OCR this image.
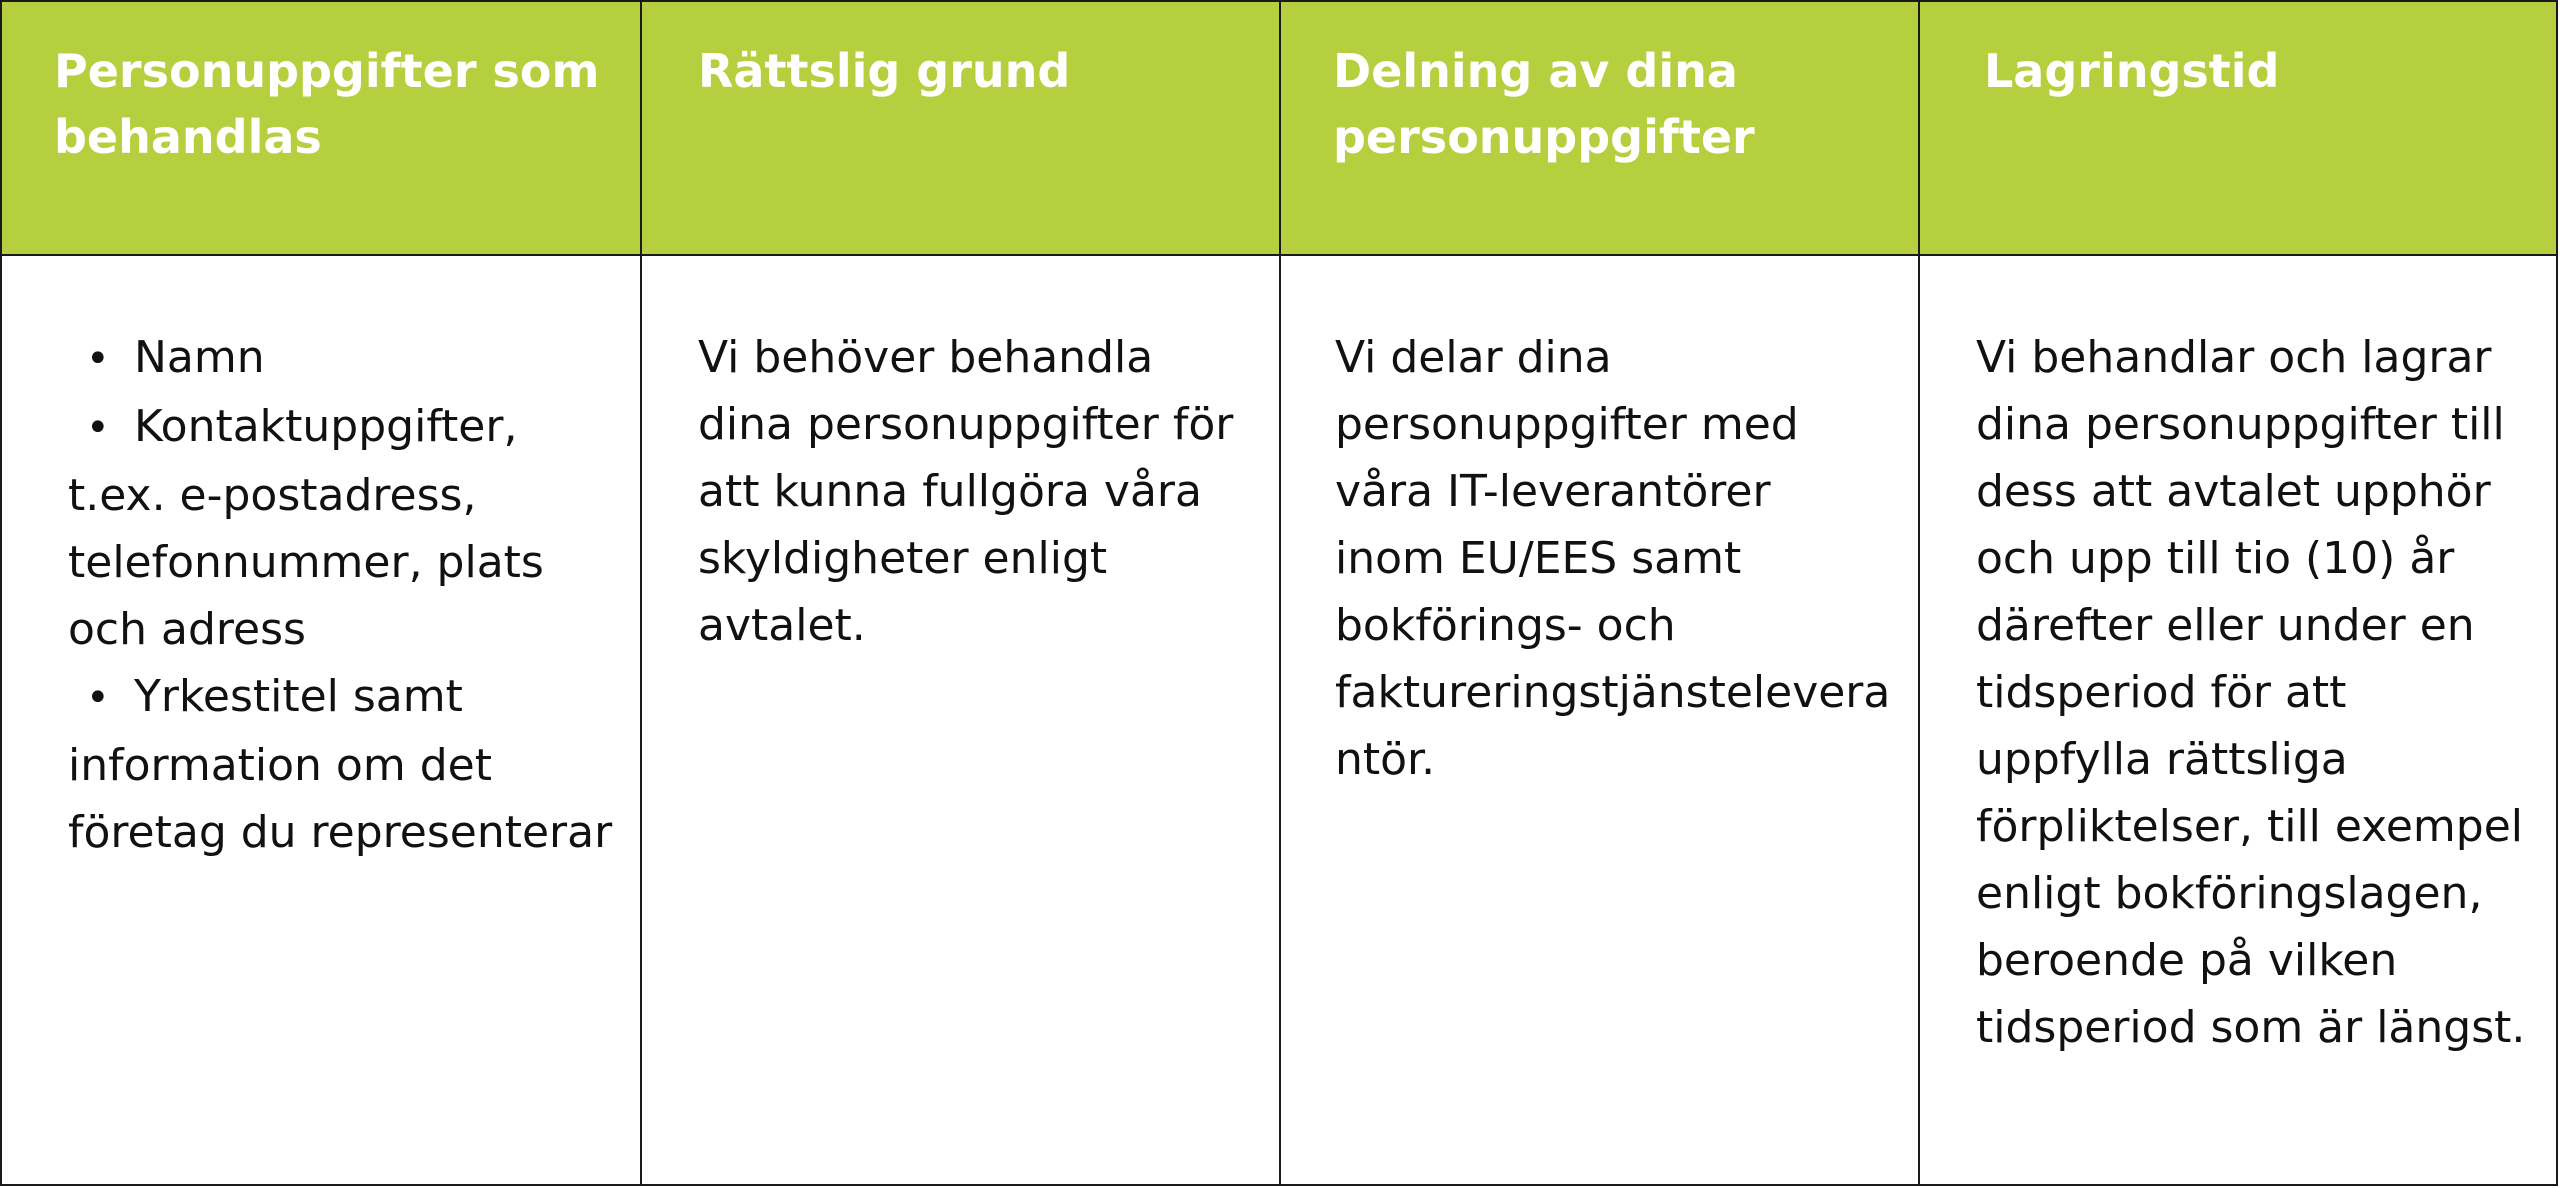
Personuppgifter som
behandlas
Rättslig grund	Delning av dina
personuppgifter
Lagringstid
• Namn
• Kontaktuppgifter,
t.ex. e-postadress,
telefonnummer, plats
och adress
• Yrkestitel samt
information om det
företag du representerar

Vi behöver behandla

dina personuppgifter för

att kunna fullgöra våra

skyldigheter enligt

avtalet.

Vi delar dina

personuppgifter med

våra IT-leverantörer

inom EU/EES samt

bokförings- och

faktureringstjänstelevera

ntör.

Vi behandlar och lagrar

dina personuppgifter till

dess att avtalet upphör

och upp till tio (10) år

därefter eller under en

tidsperiod för att

uppfylla rättsliga

förpliktelser, till exempel

enligt bokföringslagen,

beroende på vilken

tidsperiod som är längst.
